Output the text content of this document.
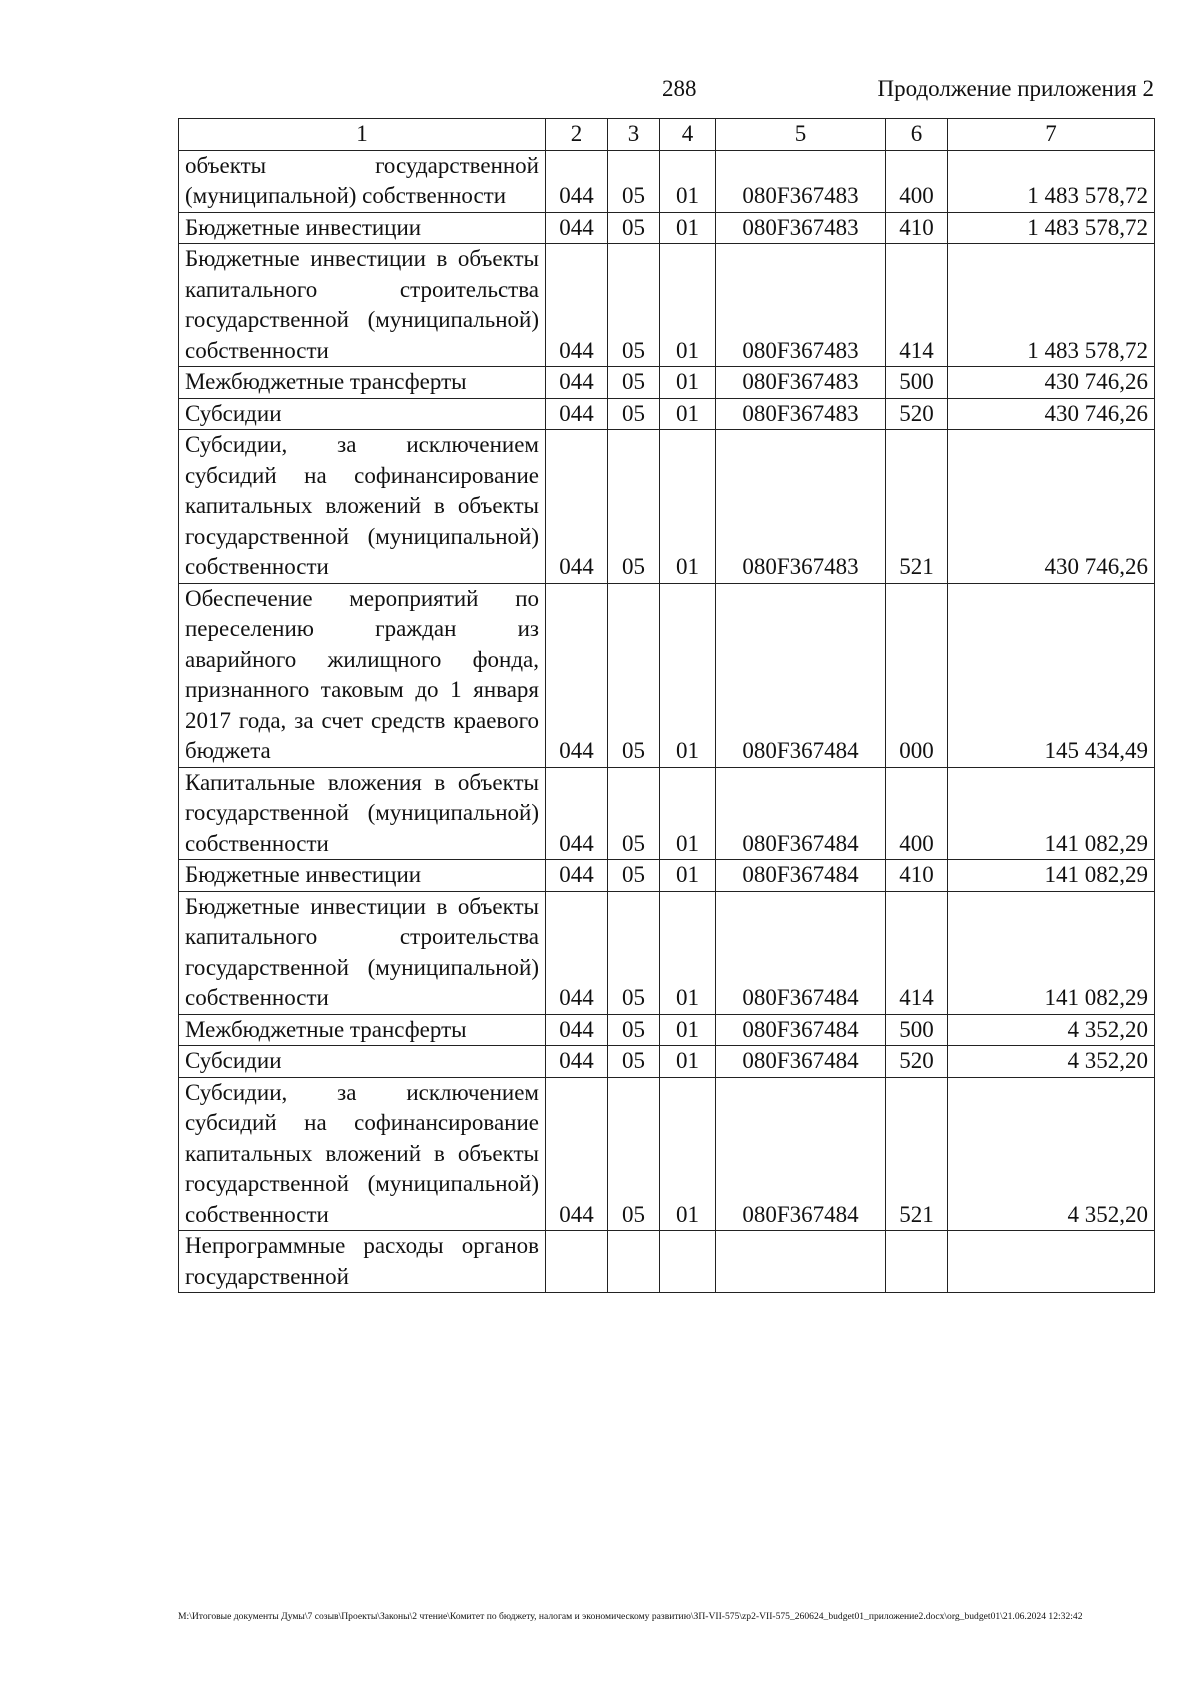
288	Продолжение приложения 2
1	2	3	4	5	6	7
объекты государственной (муниципальной) собственности	044	05	01	080F367483	400	1 483 578,72
Бюджетные инвестиции	044	05	01	080F367483	410	1 483 578,72
Бюджетные инвестиции в объекты капитального строительства государственной (муниципальной) собственности	044	05	01	080F367483	414	1 483 578,72
Межбюджетные трансферты	044	05	01	080F367483	500	430 746,26
Субсидии	044	05	01	080F367483	520	430 746,26
Субсидии, за исключением субсидий на софинансирование капитальных вложений в объекты государственной (муниципальной) собственности	044	05	01	080F367483	521	430 746,26
Обеспечение мероприятий по переселению граждан из аварийного жилищного фонда, признанного таковым до 1 января 2017 года, за счет средств краевого бюджета	044	05	01	080F367484	000	145 434,49
Капитальные вложения в объекты государственной (муниципальной) собственности	044	05	01	080F367484	400	141 082,29
Бюджетные инвестиции	044	05	01	080F367484	410	141 082,29
Бюджетные инвестиции в объекты капитального строительства государственной (муниципальной) собственности	044	05	01	080F367484	414	141 082,29
Межбюджетные трансферты	044	05	01	080F367484	500	4 352,20
Субсидии	044	05	01	080F367484	520	4 352,20
Субсидии, за исключением субсидий на софинансирование капитальных вложений в объекты государственной (муниципальной) собственности	044	05	01	080F367484	521	4 352,20
Непрограммные расходы органов государственной						
M:\Итоговые документы Думы\7 созыв\Проекты\Законы\2 чтение\Комитет по бюджету, налогам и экономическому развитию\ЗП-VII-575\zp2-VII-575_260624_budget01_приложение2.docx\org_budget01\21.06.2024 12:32:42
